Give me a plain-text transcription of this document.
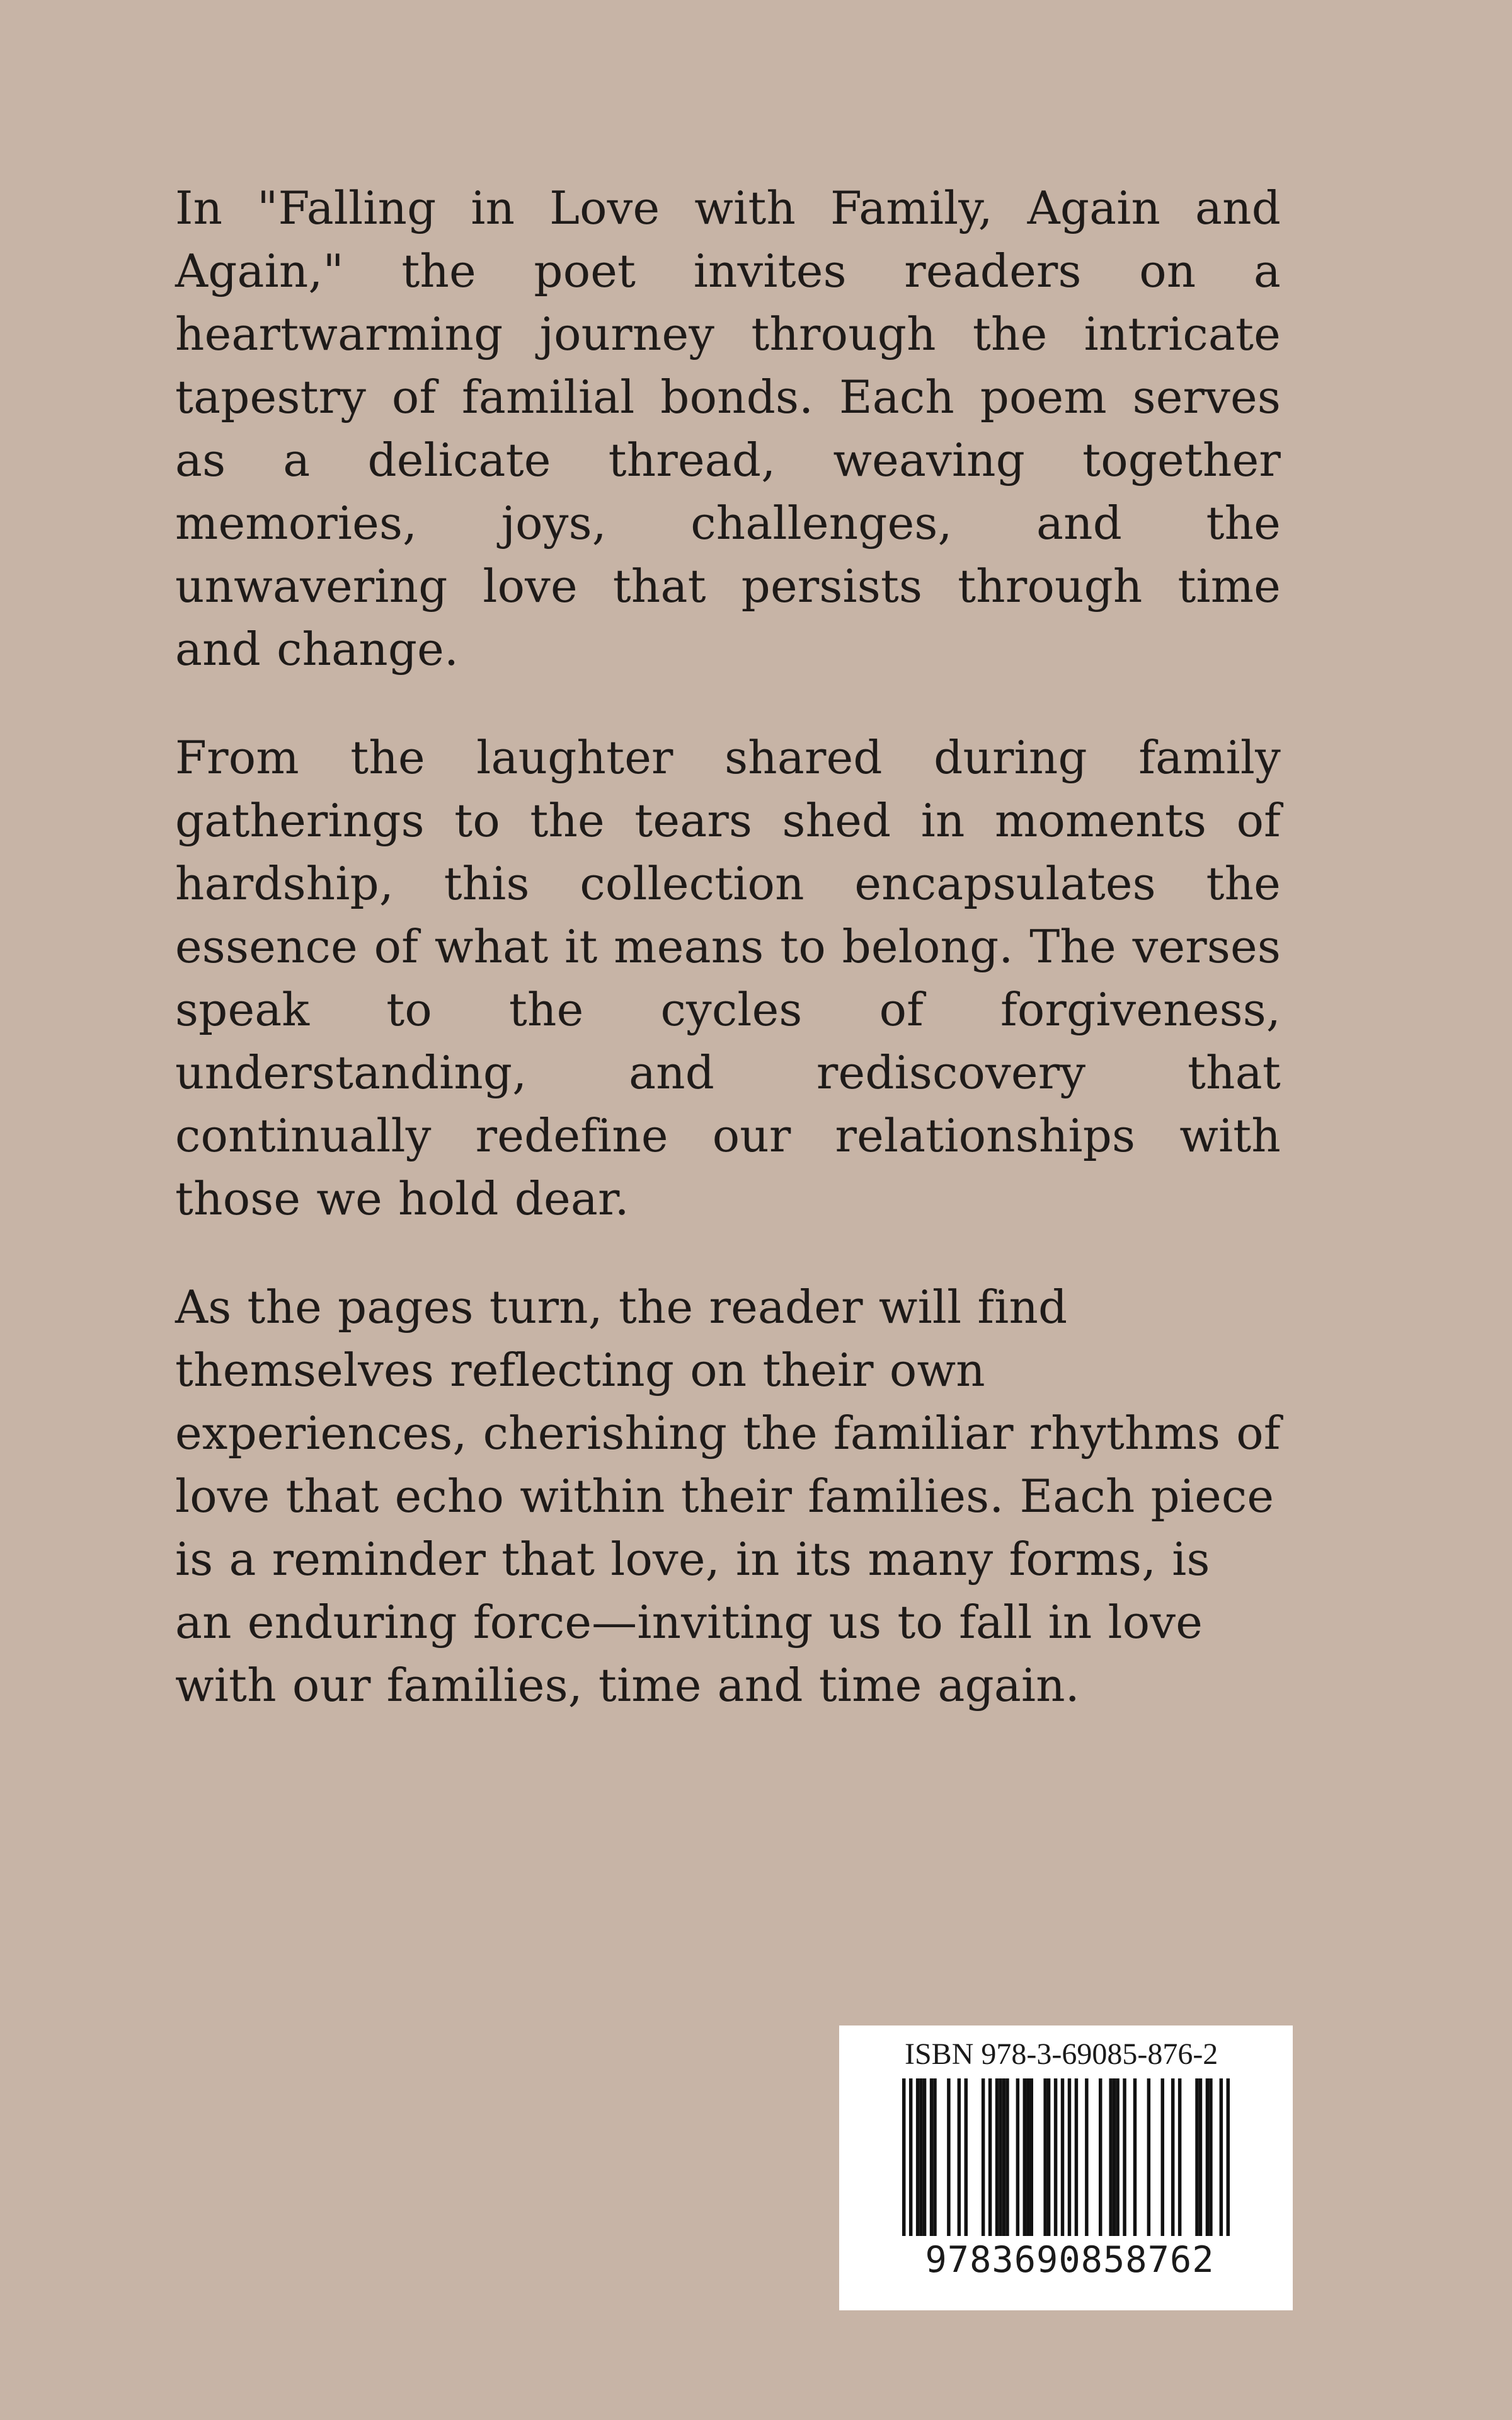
In "Falling in Love with Family, Again and Again," the poet invites readers on a heartwarming journey through the intricate tapestry of familial bonds. Each poem serves as a delicate thread, weaving together memories, joys, challenges, and the unwavering love that persists through time and change.

From the laughter shared during family gatherings to the tears shed in moments of hardship, this collection encapsulates the essence of what it means to belong. The verses speak to the cycles of forgiveness, understanding, and rediscovery that continually redefine our relationships with those we hold dear.

As the pages turn, the reader will find themselves reflecting on their own experiences, cherishing the familiar rhythms of love that echo within their families. Each piece is a reminder that love, in its many forms, is an enduring force—inviting us to fall in love with our families, time and time again.

ISBN 978-3-69085-876-2
9783690858762
